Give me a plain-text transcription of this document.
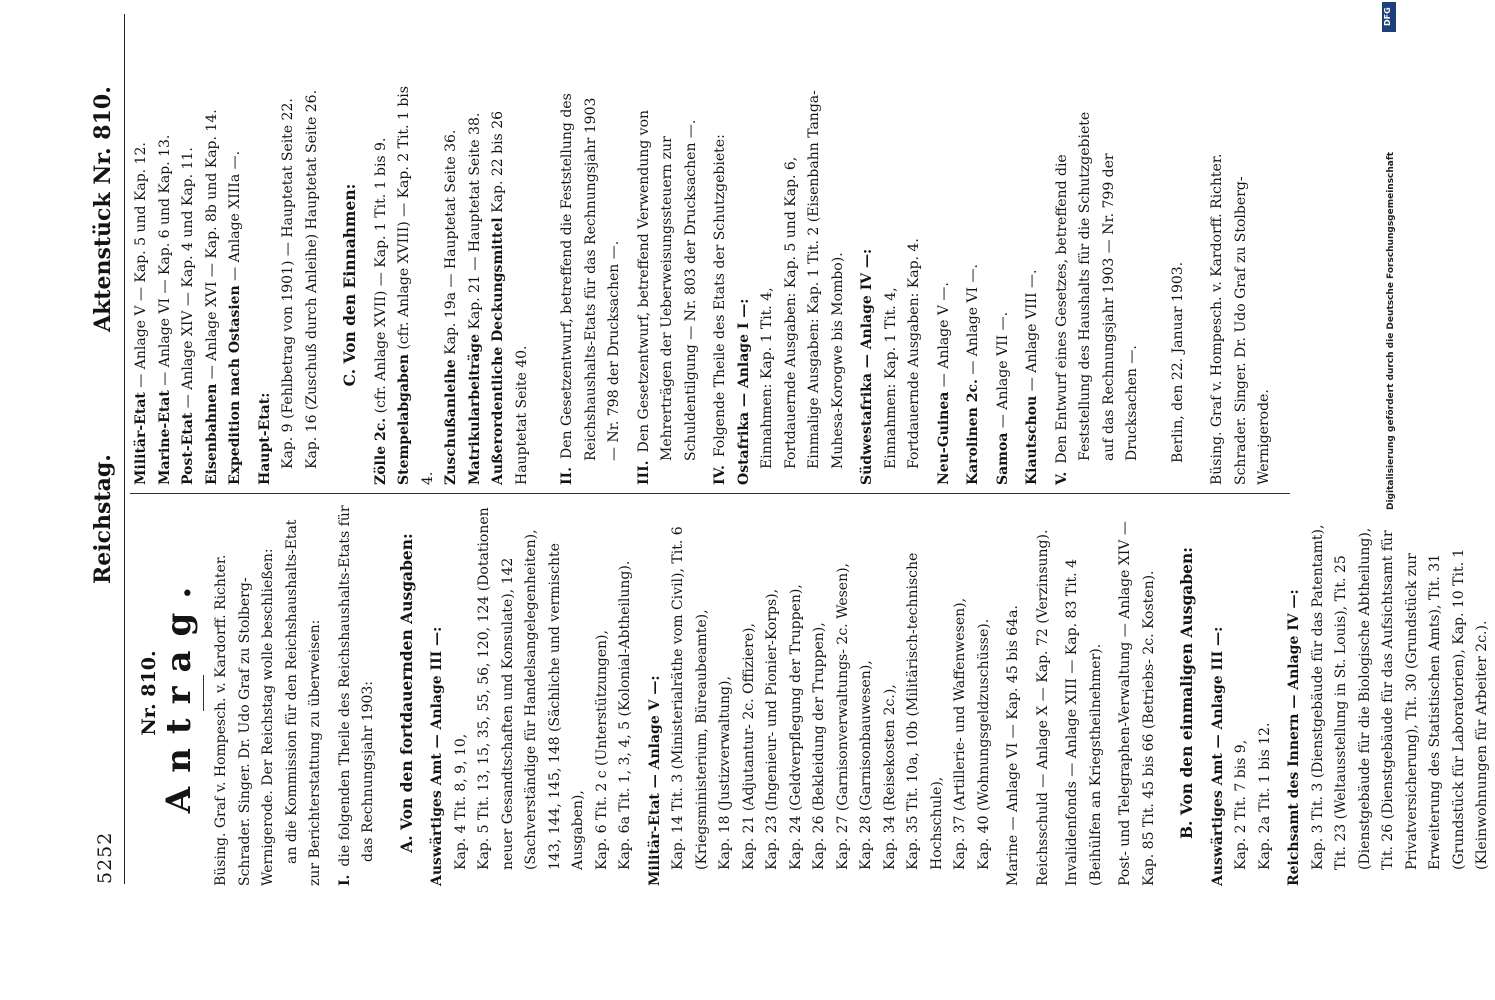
5252
Reichstag.
Aktenstück Nr. 810.

Nr. 810.

Antrag. Büsing. Graf v. Hompesch. v. Kardorff. Richter. Schrader. Singer. Dr. Udo Graf zu Stolberg-Wernigerode. Der Reichstag wolle beschließen: an die Kommission für den Reichshaushalts-Etat zur Berichterstattung zu überweisen: I.die folgenden Theile des Reichshaushalts-Etats für das Rechnungsjahr 1903: A. Von den fortdauernden Ausgaben: Auswärtiges Amt — Anlage III —: Kap. 4 Tit. 8, 9, 10, Kap. 5 Tit. 13, 15, 35, 55, 56, 120, 124 (Dotationen neuer Gesandtschaften und Konsulate), 142 (Sachverständige für Handelsangelegenheiten), 143, 144, 145, 148 (Sächliche und vermischte Ausgaben), Kap. 6 Tit. 2 c (Unterstützungen), Kap. 6a Tit. 1, 3, 4, 5 (Kolonial-Abtheilung). Militär-Etat — Anlage V —: Kap. 14 Tit. 3 (Ministerialräthe vom Civil), Tit. 6 (Kriegsministerium, Büreaubeamte), Kap. 18 (Justizverwaltung), Kap. 21 (Adjutantur- 2c. Offiziere), Kap. 23 (Ingenieur- und Pionier-Korps), Kap. 24 (Geldverpflegung der Truppen), Kap. 26 (Bekleidung der Truppen), Kap. 27 (Garnisonverwaltungs- 2c. Wesen), Kap. 28 (Garnisonbauwesen), Kap. 34 (Reisekosten 2c.), Kap. 35 Tit. 10a, 10b (Militärisch-technische Hochschule), Kap. 37 (Artillerie- und Waffenwesen), Kap. 40 (Wohnungsgeldzuschüsse). Marine — Anlage VI — Kap. 45 bis 64a. Reichsschuld — Anlage X — Kap. 72 (Verzinsung). Invalidenfonds — Anlage XIII — Kap. 83 Tit. 4 (Beihülfen an Kriegstheilnehmer). Post- und Telegraphen-Verwaltung — Anlage XIV — Kap. 85 Tit. 45 bis 66 (Betriebs- 2c. Kosten). B. Von den einmaligen Ausgaben: Auswärtiges Amt — Anlage III —: Kap. 2 Tit. 7 bis 9, Kap. 2a Tit. 1 bis 12. Reichsamt des Innern — Anlage IV —: Kap. 3 Tit. 3 (Dienstgebäude für das Patentamt), Tit. 23 (Weltausstellung in St. Louis), Tit. 25 (Dienstgebäude für die Biologische Abtheilung), Tit. 26 (Dienstgebäude für das Aufsichtsamt für Privatversicherung), Tit. 30 (Grundstück zur Erweiterung des Statistischen Amts), Tit. 31 (Grundstück für Laboratorien), Kap. 10 Tit. 1 (Kleinwohnungen für Arbeiter 2c.).

Militär-Etat — Anlage V — Kap. 5 und Kap. 12.

Marine-Etat — Anlage VI — Kap. 6 und Kap. 13.

Post-Etat — Anlage XIV — Kap. 4 und Kap. 11.

Eisenbahnen — Anlage XVI — Kap. 8b und Kap. 14.

Expedition nach Ostasien — Anlage XIIIa —.

Haupt-Etat: Kap. 9 (Fehlbetrag von 1901) — Hauptetat Seite 22. Kap. 16 (Zuschuß durch Anleihe) Hauptetat Seite 26. C. Von den Einnahmen:

Zölle 2c. (cfr. Anlage XVII) — Kap. 1 Tit. 1 bis 9.

Stempelabgaben (cfr. Anlage XVIII) — Kap. 2 Tit. 1 bis 4. Zuschußanleihe Kap. 19a — Hauptetat Seite 36.

Matrikularbeiträge Kap. 21 — Hauptetat Seite 38. Außerordentliche Deckungsmittel Kap. 22 bis 26 Hauptetat Seite 40.	II.Den Gesetzentwurf, betreffend die Feststellung des Reichshaushalts-Etats für das Rechnungsjahr 1903 — Nr. 798 der Drucksachen —.

III.Den Gesetzentwurf, betreffend Verwendung von Mehrerträgen der Ueberweisungssteuern zur Schuldentilgung — Nr. 803 der Drucksachen —.

IV.Folgende Theile des Etats der Schutzgebiete: Ostafrika — Anlage I —: Einnahmen: Kap. 1 Tit. 4, Fortdauernde Ausgaben: Kap. 5 und Kap. 6, Einmalige Ausgaben: Kap. 1 Tit. 2 (Eisenbahn Tanga-Muhesa-Korogwe bis Mombo). Südwestafrika — Anlage IV —: Einnahmen: Kap. 1 Tit. 4, Fortdauernde Ausgaben: Kap. 4. Neu-Guinea — Anlage V —.

Karolinen 2c. — Anlage VI —.

Samoa — Anlage VII —.

Kiautschou — Anlage VIII —.

V.Den Entwurf eines Gesetzes, betreffend die Feststellung des Haushalts für die Schutzgebiete auf das Rechnungsjahr 1903 — Nr. 799 der Drucksachen —.	Berlin, den 22. Januar 1903.	Büsing. Graf v. Hompesch. v. Kardorff. Richter. Schrader. Singer. Dr. Udo Graf zu Stolberg-Wernigerode.	Digitalisierung gefördert durch die Deutsche Forschungsgemeinschaft
DFG
